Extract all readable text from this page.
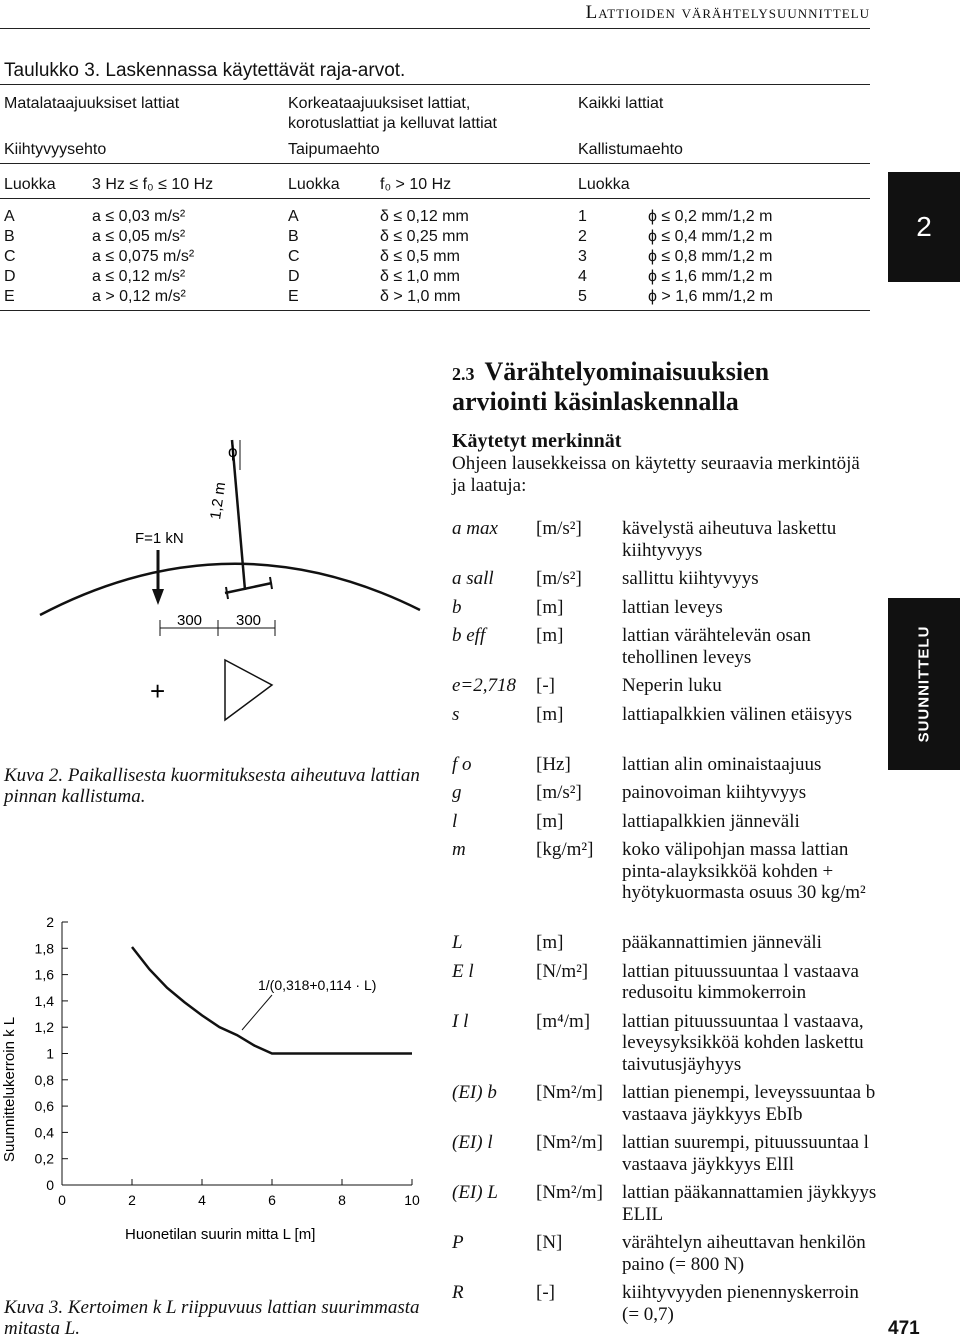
Lattioiden värähtelysuunnittelu
Taulukko 3. Laskennassa käytettävät raja-arvot.
Matalataajuuksiset lattiat	Korkeataajuuksiset lattiat, korotuslattiat ja kelluvat lattiat
Kaikki lattiat
Kiihtyvyysehto	Taipumaehto	Kallistumaehto
Luokka 3 Hz ≤ f₀ ≤ 10 Hz	Luokka	f₀ > 10 Hz	Luokka
A	a ≤ 0,03 m/s²	A	δ ≤ 0,12 mm	1	ϕ ≤ 0,2 mm/1,2 m
B	a ≤ 0,05 m/s²	B	δ ≤ 0,25 mm	2	ϕ ≤ 0,4 mm/1,2 m
C	a ≤ 0,075 m/s²	C	δ ≤ 0,5 mm	3	ϕ ≤ 0,8 mm/1,2 m
D	a ≤ 0,12 m/s²	D	δ ≤ 1,0 mm	4	ϕ ≤ 1,6 mm/1,2 m
E	a > 0,12 m/s²	E	δ > 1,0 mm	5	ϕ > 1,6 mm/1,2 m
2
SUUNNITTELU
2.3 Värähtelyominaisuuksien
arviointi käsinlaskennalla
Käytetyt merkinnät
Ohjeen lausekkeissa on käytetty seuraavia merkintöjä ja laatuja:
a max [m/s²] kävelystä aiheutuva laskettu kiihtyvyys
a sall [m/s²] sallittu kiihtyvyys
b	[m]	lattian leveys
b eff	[m]	lattian värähtelevän osan tehollinen leveys
e=2,718 [-]	Neperin luku
s	[m]	lattiapalkkien välinen etäisyys
f o	[Hz]	lattian alin ominaistaajuus
g	[m/s²] painovoiman kiihtyvyys
l	[m]	lattiapalkkien jänneväli
m	[kg/m²] koko välipohjan massa lattian pinta-alayksikköä kohden + hyötykuormasta osuus 30 kg/m²
L	[m]	pääkannattimien jänneväli
E l	[N/m²] lattian pituussuuntaa l vastaava redusoitu kimmokerroin
I l	[m⁴/m] lattian pituussuuntaa l vastaava, leveysyksikköä kohden laskettu taivutusjäyhyys
(EI) b [Nm²/m] lattian pienempi, leveyssuuntaa b vastaava jäykkyys EbIb
(EI) l [Nm²/m] lattian suurempi, pituussuuntaa l vastaava jäykkyys ElIl
(EI) L [Nm²/m] lattian pääkannattamien jäykkyys ELIL
P	[N]	värähtelyn aiheuttavan henkilön paino (= 800 N)
R	[-]	kiihtyvyyden pienennyskerroin (= 0,7)
F=1 kN
ϕ
1,2 m
300 300
+
Kuva 2. Paikallisesta kuormituksesta aiheutuva lattian pinnan kallistuma.
0
0,2
0,4
0,6
0,8
1
1,2
1,4
1,6
1,8
2
0	2	4	6	8	10
1/(0,318+0,114 · L)
Huonetilan suurin mitta L [m]
Suunnittelukerroin k L
Kuva 3. Kertoimen k L riippuvuus lattian suurimmasta mitasta L.	471
